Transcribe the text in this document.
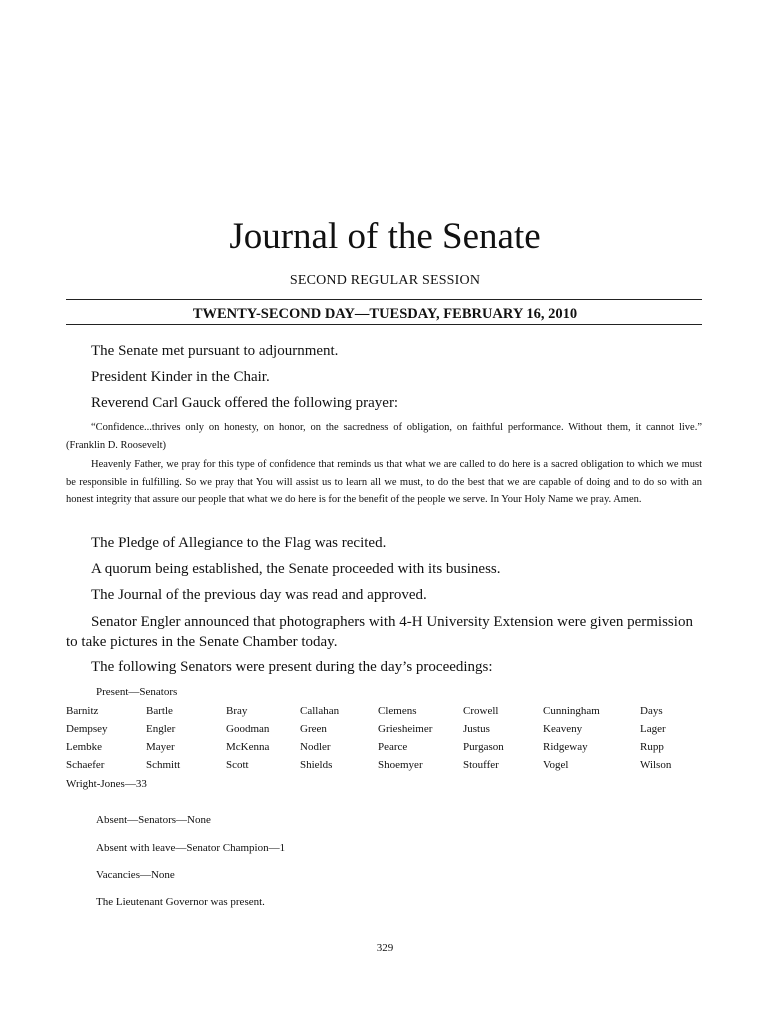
Journal of the Senate
SECOND REGULAR SESSION
TWENTY-SECOND DAY—TUESDAY, FEBRUARY 16, 2010

The Senate met pursuant to adjournment.

President Kinder in the Chair.

Reverend Carl Gauck offered the following prayer:

“Confidence...thrives only on honesty, on honor, on the sacredness of obligation, on faithful performance. Without them, it cannot live.” (Franklin D. Roosevelt)

Heavenly Father, we pray for this type of confidence that reminds us that what we are called to do here is a sacred obligation to which we must be responsible in fulfilling. So we pray that You will assist us to learn all we must, to do the best that we are capable of doing and to do so with an honest integrity that assure our people that what we do here is for the benefit of the people we serve. In Your Holy Name we pray. Amen.

The Pledge of Allegiance to the Flag was recited.

A quorum being established, the Senate proceeded with its business.

The Journal of the previous day was read and approved.

Senator Engler announced that photographers with 4-H University Extension were given permission to take pictures in the Senate Chamber today.

The following Senators were present during the day’s proceedings:

Present—Senators
Barnitz	Bartle	Bray	Callahan	Clemens	Crowell	Cunningham	Days
Dempsey	Engler	Goodman	Green	Griesheimer	Justus	Keaveny	Lager
Lembke	Mayer	McKenna	Nodler	Pearce	Purgason	Ridgeway	Rupp
Schaefer	Schmitt	Scott	Shields	Shoemyer	Stouffer	Vogel	Wilson
Wright-Jones—33
Absent—Senators—None
Absent with leave—Senator Champion—1
Vacancies—None
The Lieutenant Governor was present.
329
